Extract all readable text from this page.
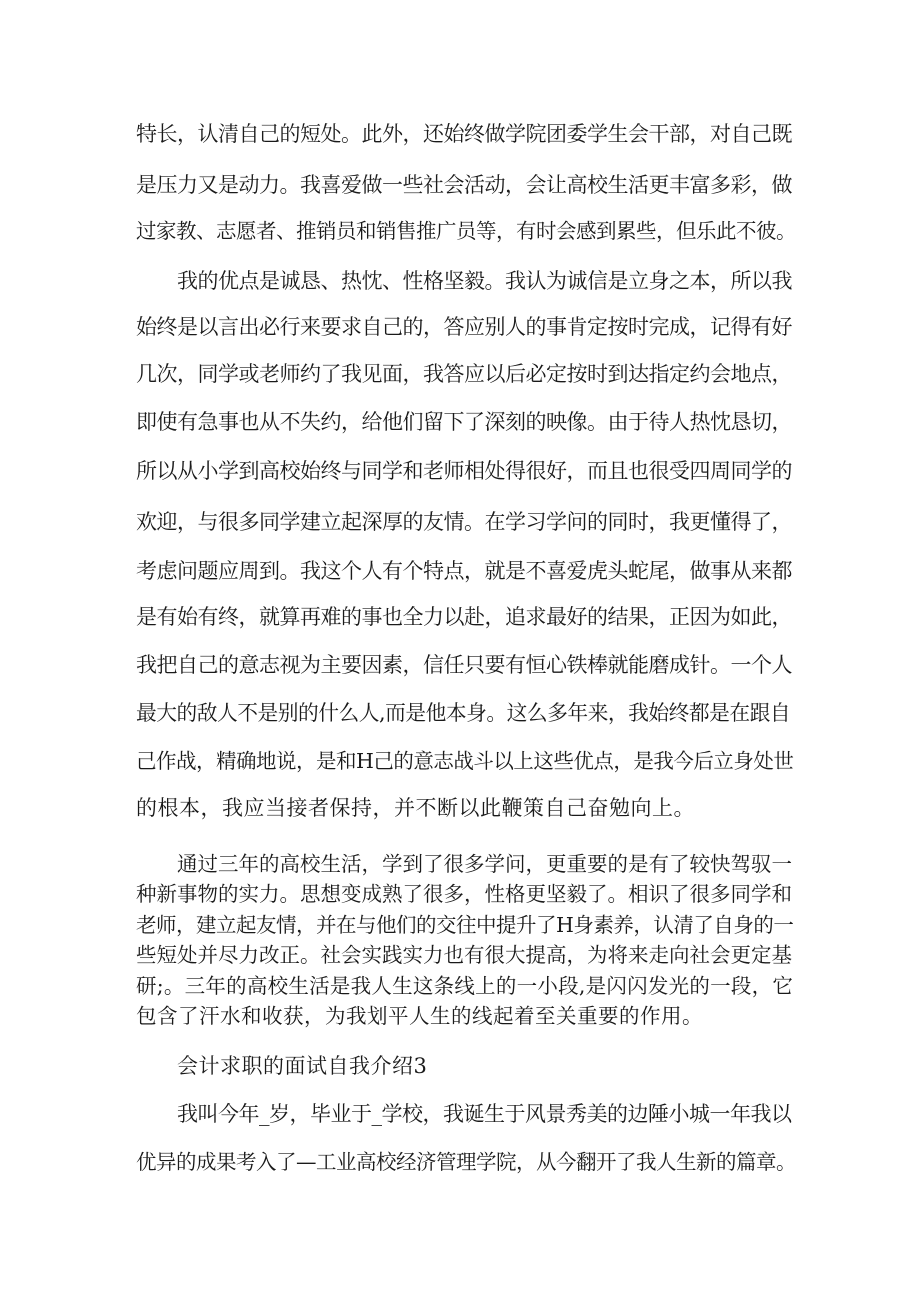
特长，认清自己的短处。此外，还始终做学院团委学生会干部，对自己既
是压力又是动力。我喜爱做一些社会活动，会让高校生活更丰富多彩，做
过家教、志愿者、推销员和销售推广员等，有时会感到累些，但乐此不彼。
我的优点是诚恳、热忱、性格坚毅。我认为诚信是立身之本，所以我
始终是以言出必行来要求自己的，答应别人的事肯定按时完成，记得有好
几次，同学或老师约了我见面，我答应以后必定按时到达指定约会地点，
即使有急事也从不失约，给他们留下了深刻的映像。由于待人热忱恳切，
所以从小学到高校始终与同学和老师相处得很好，而且也很受四周同学的
欢迎，与很多同学建立起深厚的友情。在学习学问的同时，我更懂得了，
考虑问题应周到。我这个人有个特点，就是不喜爱虎头蛇尾，做事从来都
是有始有终，就算再难的事也全力以赴，追求最好的结果，正因为如此，
我把自己的意志视为主要因素，信任只要有恒心铁棒就能磨成针。一个人
最大的敌人不是别的什么人,而是他本身。这么多年来，我始终都是在跟自
己作战，精确地说，是和H己的意志战斗以上这些优点，是我今后立身处世
的根本，我应当接者保持，并不断以此鞭策自己奋勉向上。
通过三年的高校生活，学到了很多学问，更重要的是有了较快驾驭一
种新事物的实力。思想变成熟了很多，性格更坚毅了。相识了很多同学和
老师，建立起友情，并在与他们的交往中提升了H身素养，认清了自身的一
些短处并尽力改正。社会实践实力也有很大提高，为将来走向社会更定基
研;。三年的高校生活是我人生这条线上的一小段,是闪闪发光的一段，它
包含了汗水和收获，为我划平人生的线起着至关重要的作用。
会计求职的面试自我介绍3
我叫今年_岁，毕业于_学校，我诞生于风景秀美的边陲小城一年我以
优异的成果考入了—工业高校经济管理学院，从今翻开了我人生新的篇章。
